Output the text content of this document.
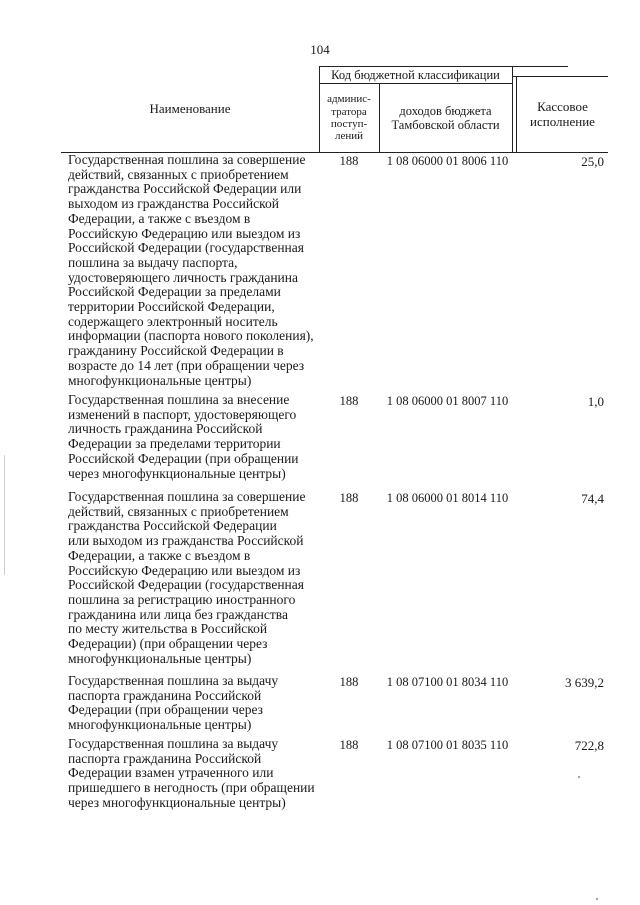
104
Наименование
Код бюджетной классификации
админис-
тратора
поступ-
лений
доходов бюджета
Тамбовской области
Кассовое
исполнение
Государственная пошлина за совершение
действий, связанных с приобретением
гражданства Российской Федерации или
выходом из гражданства Российской
Федерации, а также с въездом в
Российскую Федерацию или выездом из
Российской Федерации (государственная
пошлина за выдачу паспорта,
удостоверяющего личность гражданина
Российской Федерации за пределами
территории Российской Федерации,
содержащего электронный носитель
информации (паспорта нового поколения),
гражданину Российской Федерации в
возрасте до 14 лет (при обращении через
многофункциональные центры)
188	1 08 06000 01 8006 110	25,0
Государственная пошлина за внесение
изменений в паспорт, удостоверяющего
личность гражданина Российской
Федерации за пределами территории
Российской Федерации (при обращении
через многофункциональные центры)
188	1 08 06000 01 8007 110	1,0
Государственная пошлина за совершение
действий, связанных с приобретением
гражданства Российской Федерации
или выходом из гражданства Российской
Федерации, а также с въездом в
Российскую Федерацию или выездом из
Российской Федерации (государственная
пошлина за регистрацию иностранного
гражданина или лица без гражданства
по месту жительства в Российской
Федерации) (при обращении через
многофункциональные центры)
188	1 08 06000 01 8014 110	74,4
Государственная пошлина за выдачу
паспорта гражданина Российской
Федерации (при обращении через
многофункциональные центры)
188	1 08 07100 01 8034 110	3 639,2
Государственная пошлина за выдачу
паспорта гражданина Российской
Федерации взамен утраченного или
пришедшего в негодность (при обращении
через многофункциональные центры)
188	1 08 07100 01 8035 110	722,8
